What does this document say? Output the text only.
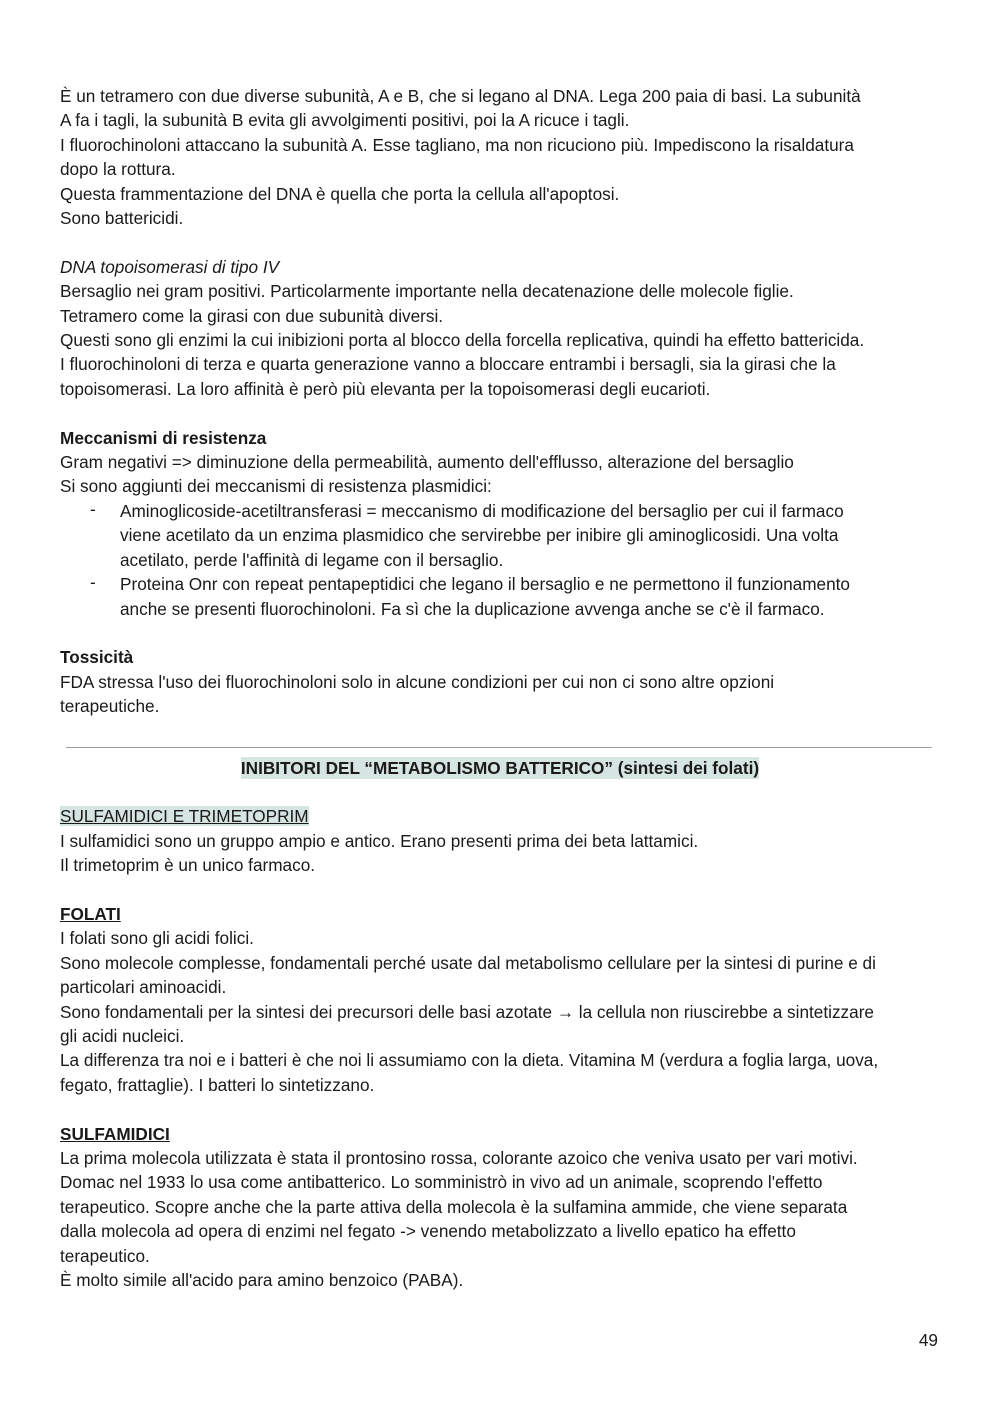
È un tetramero con due diverse subunità, A e B, che si legano al DNA. Lega 200 paia di basi. La subunità
A fa i tagli, la subunità B evita gli avvolgimenti positivi, poi la A ricuce i tagli.
I fluorochinoloni attaccano la subunità A. Esse tagliano, ma non ricuciono più. Impediscono la risaldatura
dopo la rottura.
Questa frammentazione del DNA è quella che porta la cellula all'apoptosi.
Sono battericidi.
DNA topoisomerasi di tipo IV
Bersaglio nei gram positivi. Particolarmente importante nella decatenazione delle molecole figlie.
Tetramero come la girasi con due subunità diversi.
Questi sono gli enzimi la cui inibizioni porta al blocco della forcella replicativa, quindi ha effetto battericida.
I fluorochinoloni di terza e quarta generazione vanno a bloccare entrambi i bersagli, sia la girasi che la
topoisomerasi. La loro affinità è però più elevanta per la topoisomerasi degli eucarioti.
Meccanismi di resistenza
Gram negativi => diminuzione della permeabilità, aumento dell'efflusso, alterazione del bersaglio
Si sono aggiunti dei meccanismi di resistenza plasmidici:
- Aminoglicoside-acetiltransferasi = meccanismo di modificazione del bersaglio per cui il farmaco
viene acetilato da un enzima plasmidico che servirebbe per inibire gli aminoglicosidi. Una volta
acetilato, perde l'affinità di legame con il bersaglio.
- Proteina Onr con repeat pentapeptidici che legano il bersaglio e ne permettono il funzionamento
anche se presenti fluorochinoloni. Fa sì che la duplicazione avvenga anche se c'è il farmaco.
Tossicità
FDA stressa l'uso dei fluorochinoloni solo in alcune condizioni per cui non ci sono altre opzioni
terapeutiche.
INIBITORI DEL “METABOLISMO BATTERICO” (sintesi dei folati)
SULFAMIDICI E TRIMETOPRIM
I sulfamidici sono un gruppo ampio e antico. Erano presenti prima dei beta lattamici.
Il trimetoprim è un unico farmaco.
FOLATI
I folati sono gli acidi folici.
Sono molecole complesse, fondamentali perché usate dal metabolismo cellulare per la sintesi di purine e di
particolari aminoacidi.
Sono fondamentali per la sintesi dei precursori delle basi azotate → la cellula non riuscirebbe a sintetizzare
gli acidi nucleici.
La differenza tra noi e i batteri è che noi li assumiamo con la dieta. Vitamina M (verdura a foglia larga, uova,
fegato, frattaglie). I batteri lo sintetizzano.
SULFAMIDICI
La prima molecola utilizzata è stata il prontosino rossa, colorante azoico che veniva usato per vari motivi.
Domac nel 1933 lo usa come antibatterico. Lo somministrò in vivo ad un animale, scoprendo l'effetto
terapeutico. Scopre anche che la parte attiva della molecola è la sulfamina ammide, che viene separata
dalla molecola ad opera di enzimi nel fegato -> venendo metabolizzato a livello epatico ha effetto
terapeutico.
È molto simile all'acido para amino benzoico (PABA).
49
